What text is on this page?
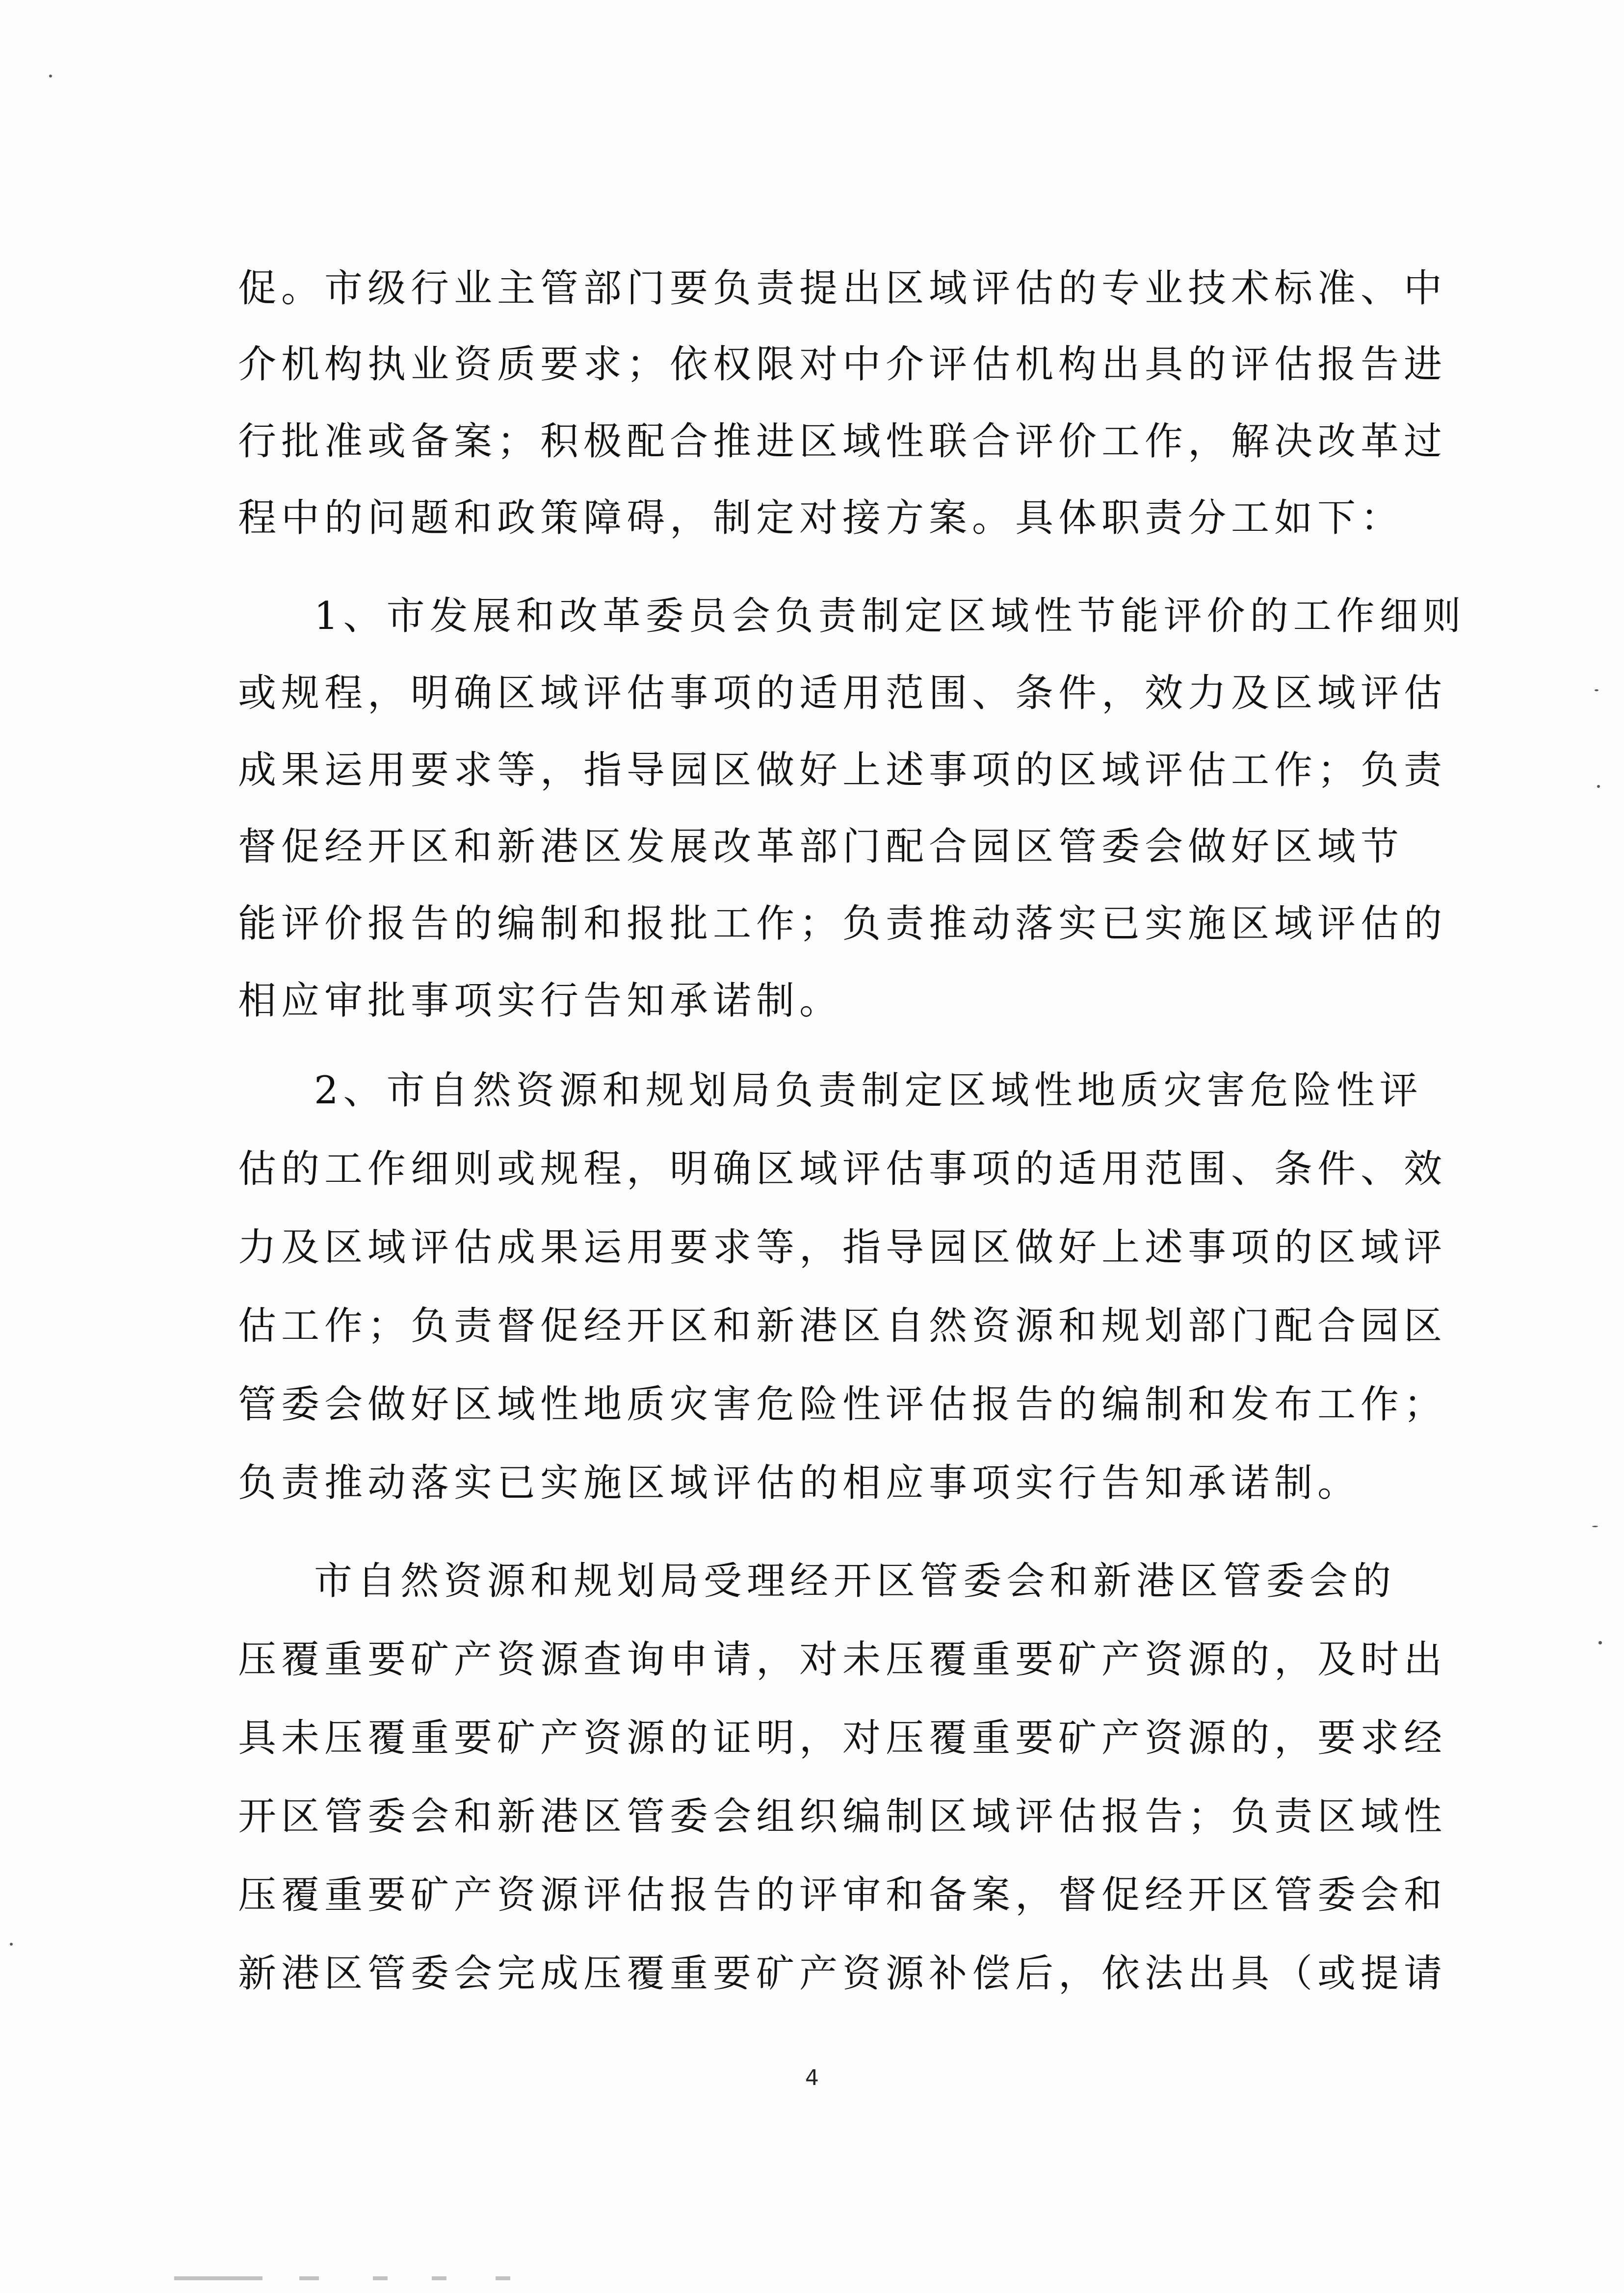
促。市级行业主管部门要负责提出区域评估的专业技术标准、中
介机构执业资质要求；依权限对中介评估机构出具的评估报告进
行批准或备案；积极配合推进区域性联合评价工作，解决改革过
程中的问题和政策障碍，制定对接方案。具体职责分工如下：
1、市发展和改革委员会负责制定区域性节能评价的工作细则
或规程，明确区域评估事项的适用范围、条件，效力及区域评估
成果运用要求等，指导园区做好上述事项的区域评估工作；负责
督促经开区和新港区发展改革部门配合园区管委会做好区域节
能评价报告的编制和报批工作；负责推动落实已实施区域评估的
相应审批事项实行告知承诺制。
2、市自然资源和规划局负责制定区域性地质灾害危险性评
估的工作细则或规程，明确区域评估事项的适用范围、条件、效
力及区域评估成果运用要求等，指导园区做好上述事项的区域评
估工作；负责督促经开区和新港区自然资源和规划部门配合园区
管委会做好区域性地质灾害危险性评估报告的编制和发布工作；
负责推动落实已实施区域评估的相应事项实行告知承诺制。
市自然资源和规划局受理经开区管委会和新港区管委会的
压覆重要矿产资源查询申请，对未压覆重要矿产资源的，及时出
具未压覆重要矿产资源的证明，对压覆重要矿产资源的，要求经
开区管委会和新港区管委会组织编制区域评估报告；负责区域性
压覆重要矿产资源评估报告的评审和备案，督促经开区管委会和
新港区管委会完成压覆重要矿产资源补偿后，依法出具（或提请
4
